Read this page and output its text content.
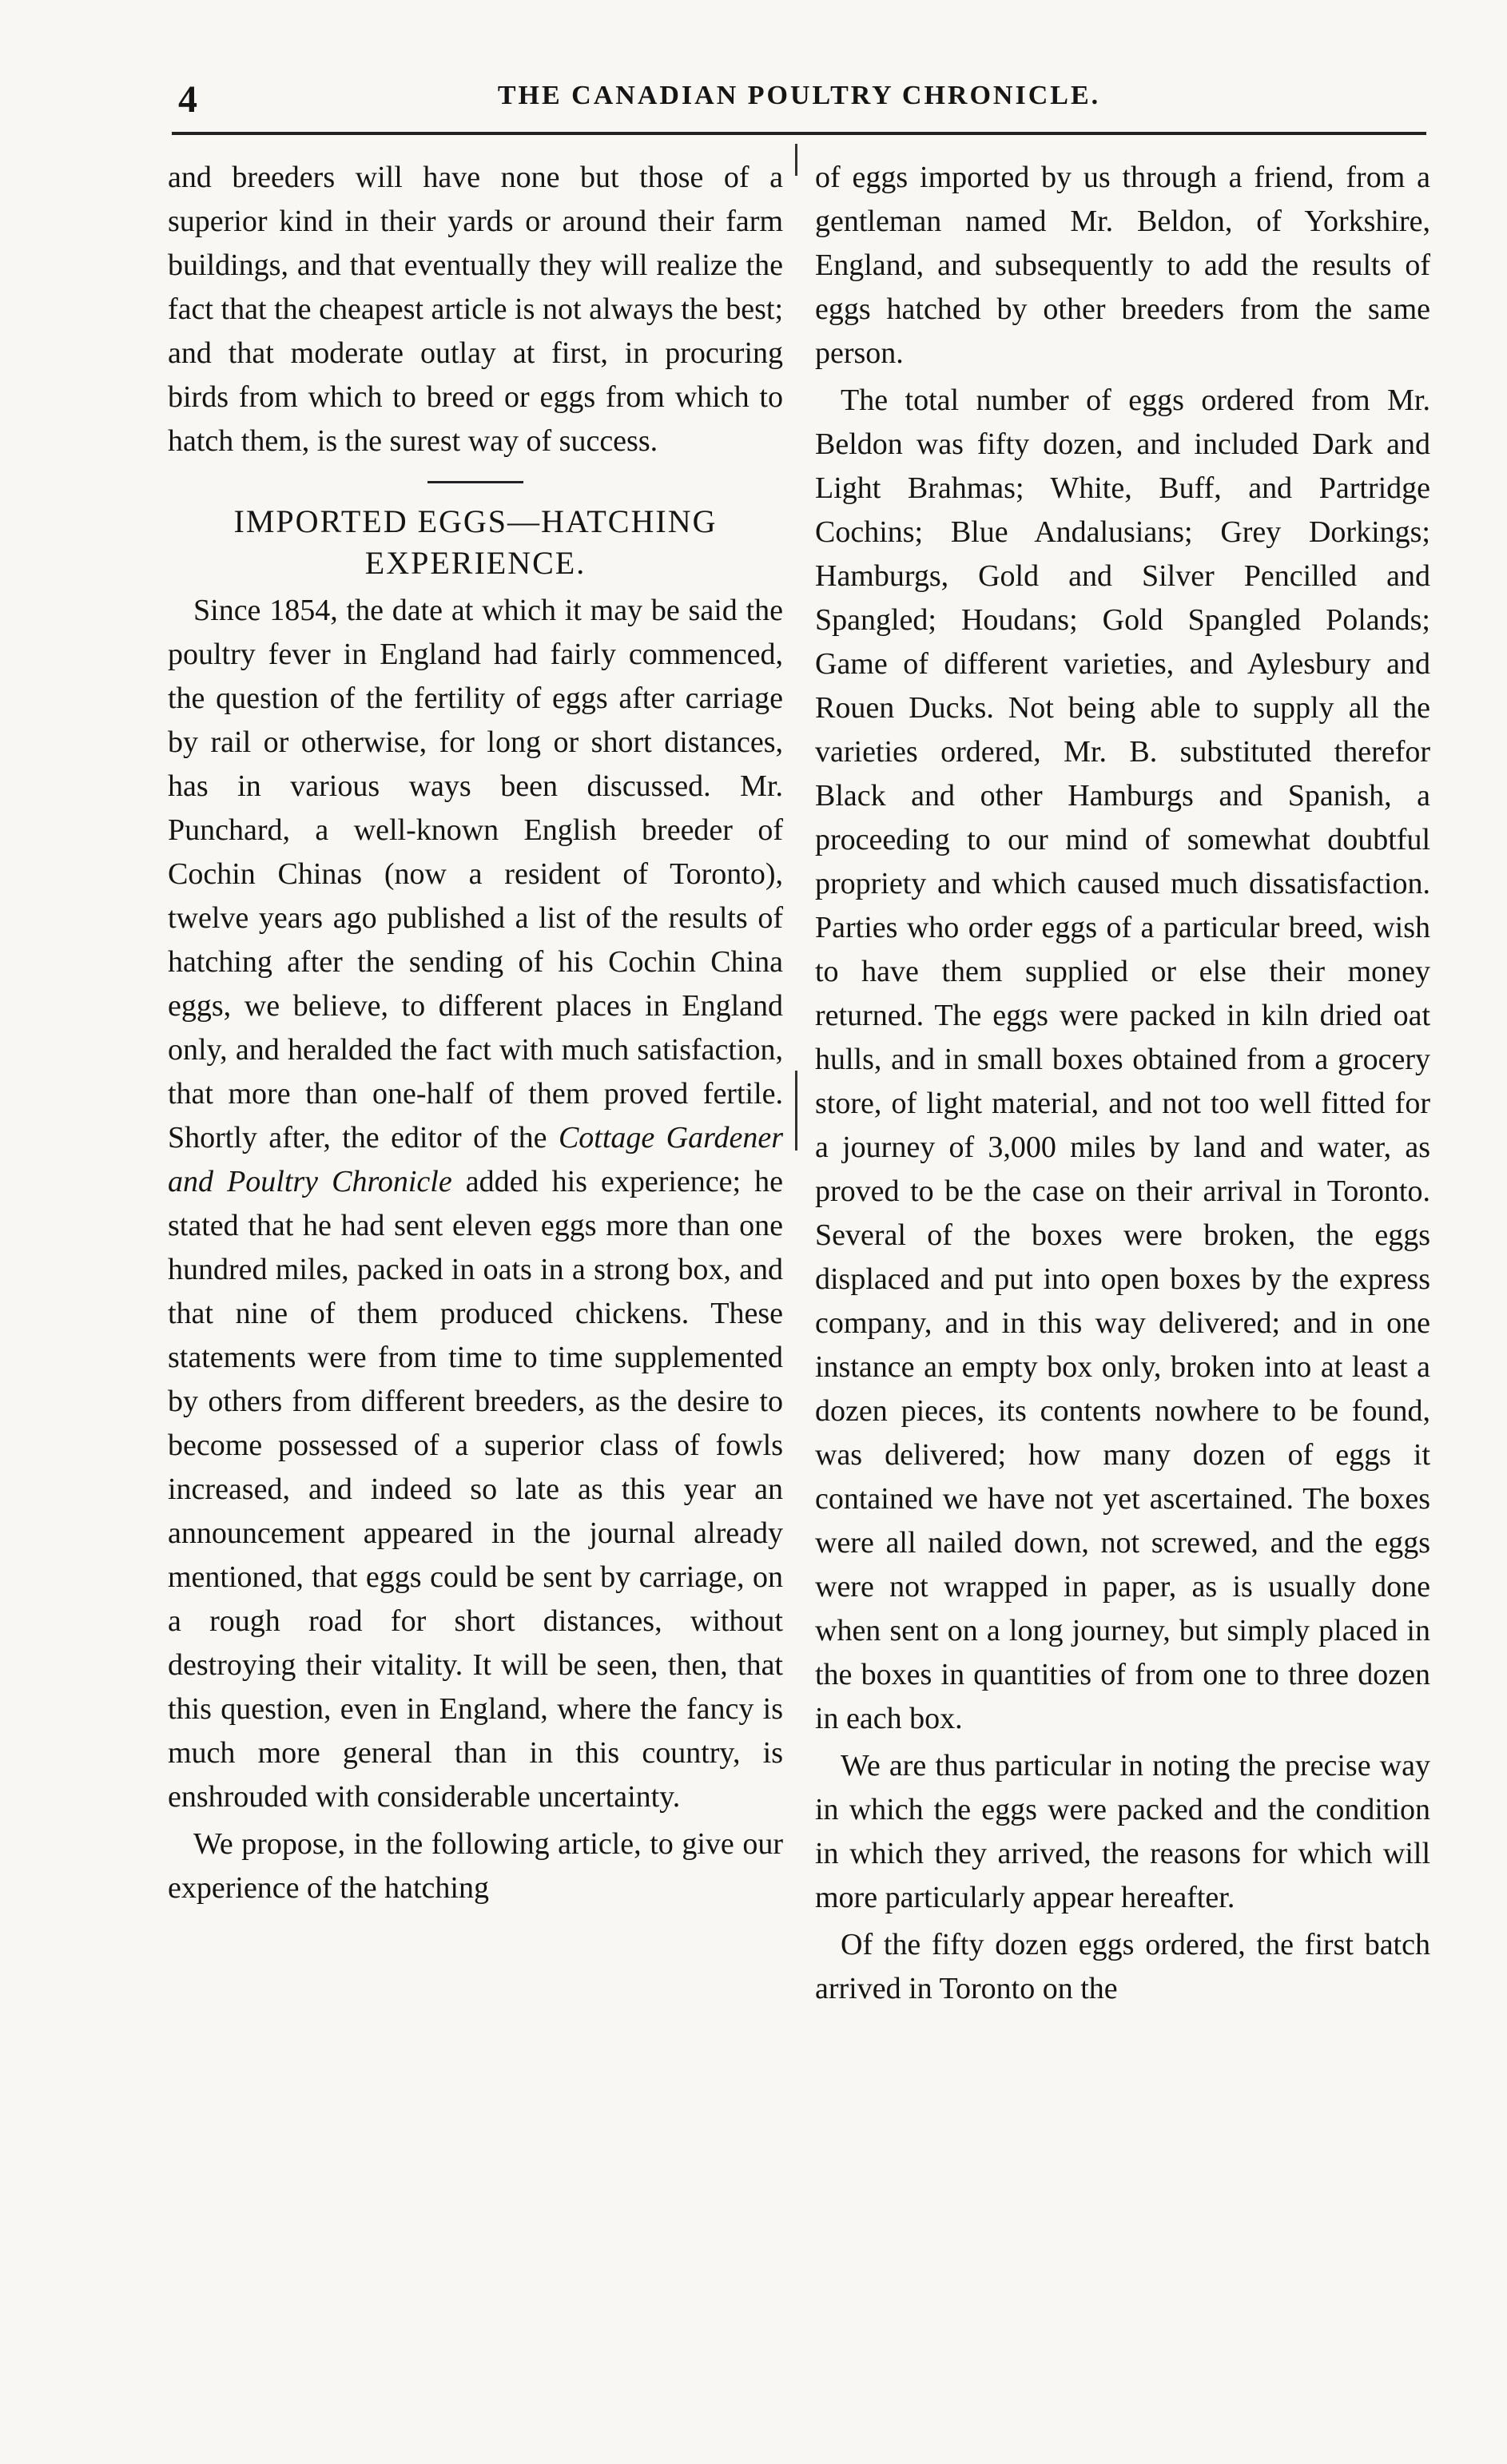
4	THE CANADIAN POULTRY CHRONICLE.

and breeders will have none but those of a superior kind in their yards or around their farm buildings, and that eventually they will realize the fact that the cheapest article is not always the best; and that moderate outlay at first, in procuring birds from which to breed or eggs from which to hatch them, is the surest way of success.

IMPORTED EGGS—HATCHING
EXPERIENCE.

Since 1854, the date at which it may be said the poultry fever in England had fairly commenced, the question of the fertility of eggs after carriage by rail or otherwise, for long or short distances, has in various ways been discussed. Mr. Punchard, a well-known English breeder of Cochin Chinas (now a resident of Toronto), twelve years ago published a list of the results of hatching after the sending of his Cochin China eggs, we believe, to different places in England only, and heralded the fact with much satisfaction, that more than one-half of them proved fertile. Shortly after, the editor of the Cottage Gardener and Poultry Chronicle added his experience; he stated that he had sent eleven eggs more than one hundred miles, packed in oats in a strong box, and that nine of them produced chickens. These statements were from time to time supplemented by others from different breeders, as the desire to become possessed of a superior class of fowls increased, and indeed so late as this year an announcement appeared in the journal already mentioned, that eggs could be sent by carriage, on a rough road for short distances, without destroying their vitality. It will be seen, then, that this question, even in England, where the fancy is much more general than in this country, is enshrouded with considerable uncertainty.

We propose, in the following article, to give our experience of the hatching

of eggs imported by us through a friend, from a gentleman named Mr. Beldon, of Yorkshire, England, and subsequently to add the results of eggs hatched by other breeders from the same person.

The total number of eggs ordered from Mr. Beldon was fifty dozen, and included Dark and Light Brahmas; White, Buff, and Partridge Cochins; Blue Andalusians; Grey Dorkings; Hamburgs, Gold and Silver Pencilled and Spangled; Houdans; Gold Spangled Polands; Game of different varieties, and Aylesbury and Rouen Ducks. Not being able to supply all the varieties ordered, Mr. B. substituted therefor Black and other Hamburgs and Spanish, a proceeding to our mind of somewhat doubtful propriety and which caused much dissatisfaction. Parties who order eggs of a particular breed, wish to have them supplied or else their money returned. The eggs were packed in kiln dried oat hulls, and in small boxes obtained from a grocery store, of light material, and not too well fitted for a journey of 3,000 miles by land and water, as proved to be the case on their arrival in Toronto. Several of the boxes were broken, the eggs displaced and put into open boxes by the express company, and in this way delivered; and in one instance an empty box only, broken into at least a dozen pieces, its contents nowhere to be found, was delivered; how many dozen of eggs it contained we have not yet ascertained. The boxes were all nailed down, not screwed, and the eggs were not wrapped in paper, as is usually done when sent on a long journey, but simply placed in the boxes in quantities of from one to three dozen in each box.

We are thus particular in noting the precise way in which the eggs were packed and the condition in which they arrived, the reasons for which will more particularly appear hereafter.

Of the fifty dozen eggs ordered, the first batch arrived in Toronto on the
